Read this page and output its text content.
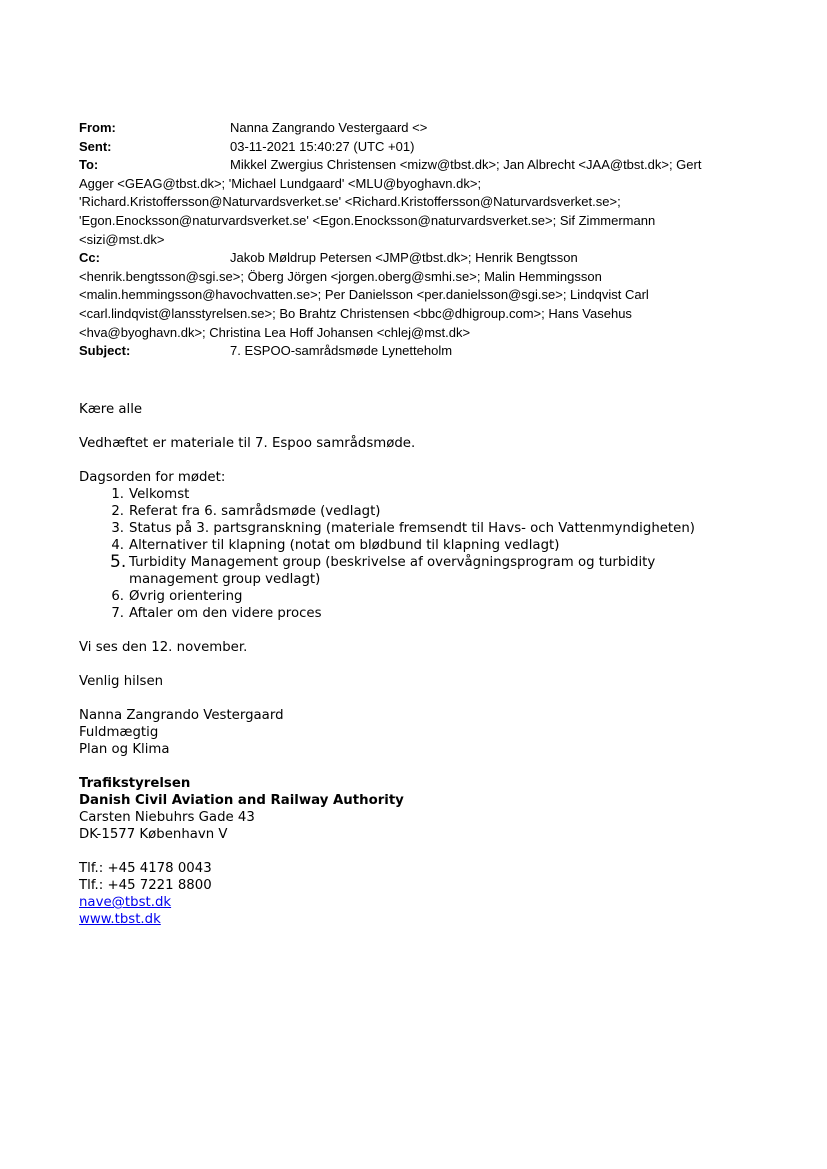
From:	Nanna Zangrando Vestergaard <>
Sent:	03-11-2021 15:40:27 (UTC +01)
To:	Mikkel Zwergius Christensen <mizw@tbst.dk>; Jan Albrecht <JAA@tbst.dk>; Gert
Agger <GEAG@tbst.dk>; 'Michael Lundgaard' <MLU@byoghavn.dk>;
'Richard.Kristoffersson@Naturvardsverket.se' <Richard.Kristoffersson@Naturvardsverket.se>;
'Egon.Enocksson@naturvardsverket.se' <Egon.Enocksson@naturvardsverket.se>; Sif Zimmermann
<sizi@mst.dk>
Cc:	Jakob Møldrup Petersen <JMP@tbst.dk>; Henrik Bengtsson
<henrik.bengtsson@sgi.se>; Öberg Jörgen <jorgen.oberg@smhi.se>; Malin Hemmingsson
<malin.hemmingsson@havochvatten.se>; Per Danielsson <per.danielsson@sgi.se>; Lindqvist Carl
<carl.lindqvist@lansstyrelsen.se>; Bo Brahtz Christensen <bbc@dhigroup.com>; Hans Vasehus
<hva@byoghavn.dk>; Christina Lea Hoff Johansen <chlej@mst.dk>
Subject:	7. ESPOO-samrådsmøde Lynetteholm

Kære alle

Vedhæftet er materiale til 7. Espoo samrådsmøde.

Dagsorden for mødet:

1. Velkomst
2. Referat fra 6. samrådsmøde (vedlagt)
3. Status på 3. partsgranskning (materiale fremsendt til Havs- och Vattenmyndigheten)
4. Alternativer til klapning (notat om blødbund til klapning vedlagt)
5. Turbidity Management group (beskrivelse af overvågningsprogram og turbidity
management group vedlagt)
6. Øvrig orientering
7. Aftaler om den videre proces

Vi ses den 12. november.

Venlig hilsen

Nanna Zangrando Vestergaard

Fuldmægtig

Plan og Klima

Trafikstyrelsen

Danish Civil Aviation and Railway Authority

Carsten Niebuhrs Gade 43

DK-1577 København V

Tlf.: +45 4178 0043

Tlf.: +45 7221 8800

nave@tbst.dk

www.tbst.dk
